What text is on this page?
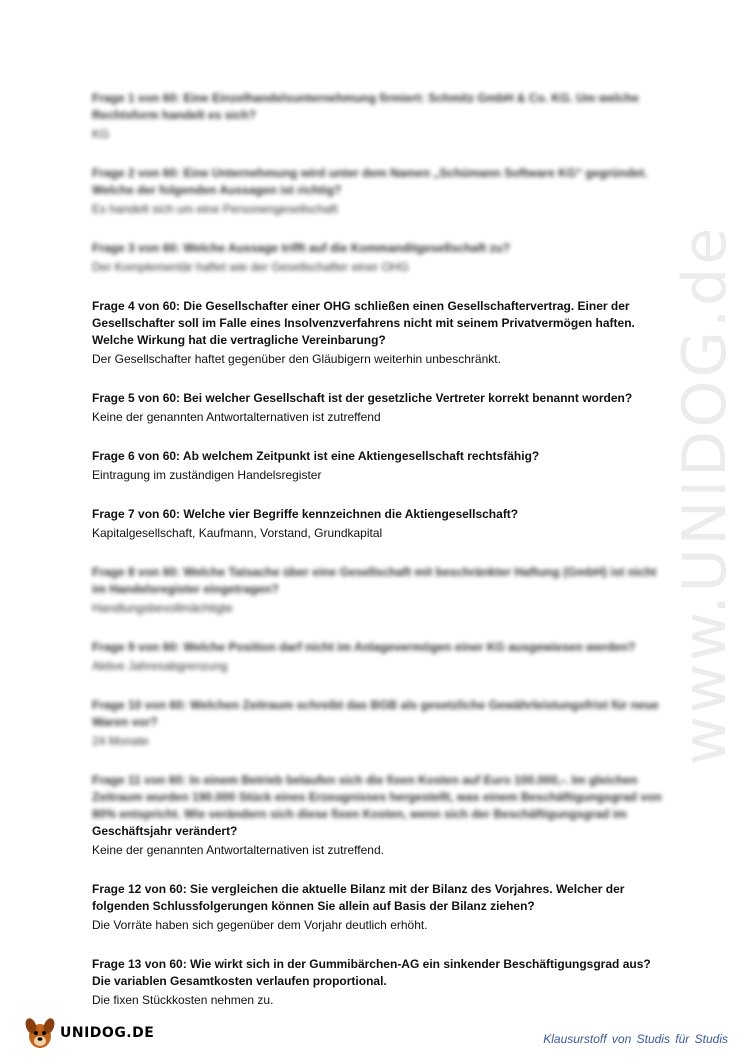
www.UNIDOG.de

Frage 1 von 60: Eine Einzelhandelsunternehmung firmiert: Schmitz GmbH & Co. KG. Um welche Rechtsform handelt es sich?

KG

Frage 2 von 60: Eine Unternehmung wird unter dem Namen „Schümann Software KG“ gegründet. Welche der folgenden Aussagen ist richtig?

Es handelt sich um eine Personengesellschaft

Frage 3 von 60: Welche Aussage trifft auf die Kommanditgesellschaft zu?

Der Komplementär haftet wie der Gesellschafter einer OHG

Frage 4 von 60: Die Gesellschafter einer OHG schließen einen Gesellschaftervertrag. Einer der Gesellschafter soll im Falle eines Insolvenzverfahrens nicht mit seinem Privatvermögen haften. Welche Wirkung hat die vertragliche Vereinbarung?

Der Gesellschafter haftet gegenüber den Gläubigern weiterhin unbeschränkt.

Frage 5 von 60: Bei welcher Gesellschaft ist der gesetzliche Vertreter korrekt benannt worden?

Keine der genannten Antwortalternativen ist zutreffend

Frage 6 von 60: Ab welchem Zeitpunkt ist eine Aktiengesellschaft rechtsfähig?

Eintragung im zuständigen Handelsregister

Frage 7 von 60: Welche vier Begriffe kennzeichnen die Aktiengesellschaft?

Kapitalgesellschaft, Kaufmann, Vorstand, Grundkapital

Frage 8 von 60: Welche Tatsache über eine Gesellschaft mit beschränkter Haftung (GmbH) ist nicht im Handelsregister eingetragen?

Handlungsbevollmächtigte

Frage 9 von 60: Welche Position darf nicht im Anlagevermögen einer KG ausgewiesen werden?

Aktive Jahresabgrenzung

Frage 10 von 60: Welchen Zeitraum schreibt das BGB als gesetzliche Gewährleistungsfrist für neue Waren vor?

24 Monate

Frage 11 von 60: In einem Betrieb belaufen sich die fixen Kosten auf Euro 100.000,-. Im gleichen Zeitraum wurden 190.000 Stück eines Erzeugnisses hergestellt, was einem Beschäftigungsgrad von 80% entspricht. Wie verändern sich diese fixen Kosten, wenn sich der Beschäftigungsgrad im

Geschäftsjahr verändert?

Keine der genannten Antwortalternativen ist zutreffend.

Frage 12 von 60: Sie vergleichen die aktuelle Bilanz mit der Bilanz des Vorjahres. Welcher der folgenden Schlussfolgerungen können Sie allein auf Basis der Bilanz ziehen?

Die Vorräte haben sich gegenüber dem Vorjahr deutlich erhöht.

Frage 13 von 60: Wie wirkt sich in der Gummibärchen-AG ein sinkender Beschäftigungsgrad aus? Die variablen Gesamtkosten verlaufen proportional.

Die fixen Stückkosten nehmen zu.

UNIDOG.DE	Klausurstoff von Studis für Studis
